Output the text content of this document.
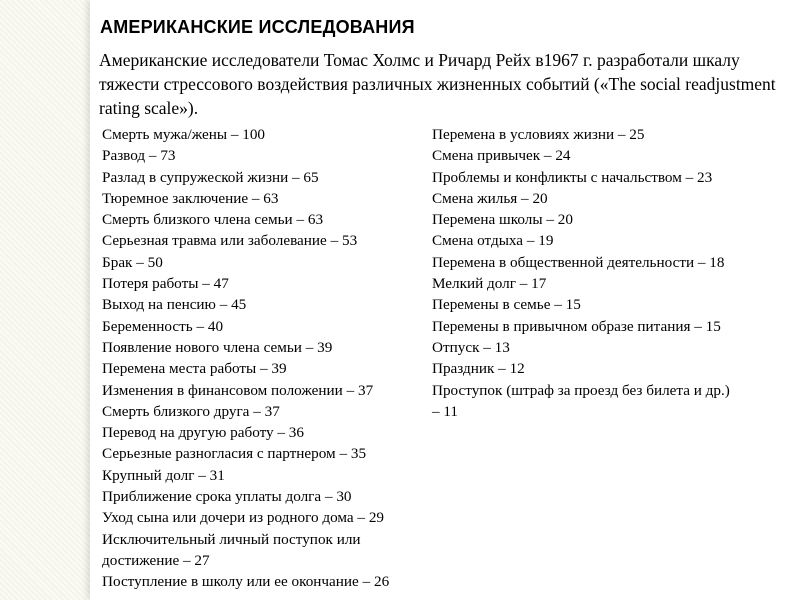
АМЕРИКАНСКИЕ ИССЛЕДОВАНИЯ
Американские исследователи Томас Холмс и Ричард Рейх в1967 г. разработали шкалу тяжести стрессового воздействия различных жизненных событий («The social readjustment rating scale»).
Смерть мужа/жены – 100
Развод – 73
Разлад в супружеской жизни – 65
Тюремное заключение – 63
Смерть близкого члена семьи – 63
Серьезная травма или заболевание – 53
Брак – 50
Потеря работы – 47
Выход на пенсию – 45
Беременность – 40
Появление нового члена семьи – 39
Перемена места работы – 39
Изменения в финансовом положении – 37
Смерть близкого друга – 37
Перевод на другую работу – 36
Серьезные разногласия с партнером – 35
Крупный долг – 31
Приближение срока уплаты долга – 30
Уход сына или дочери из родного дома – 29
Исключительный личный поступок или
достижение – 27
Поступление в школу или ее окончание – 26
Перемена в условиях жизни – 25
Смена привычек – 24
Проблемы и конфликты с начальством – 23
Смена жилья – 20
Перемена школы – 20
Смена отдыха – 19
Перемена в общественной деятельности – 18
Мелкий долг – 17
Перемены в семье – 15
Перемены в привычном образе питания – 15
Отпуск – 13
Праздник – 12
Проступок (штраф за проезд без билета и др.)
– 11
